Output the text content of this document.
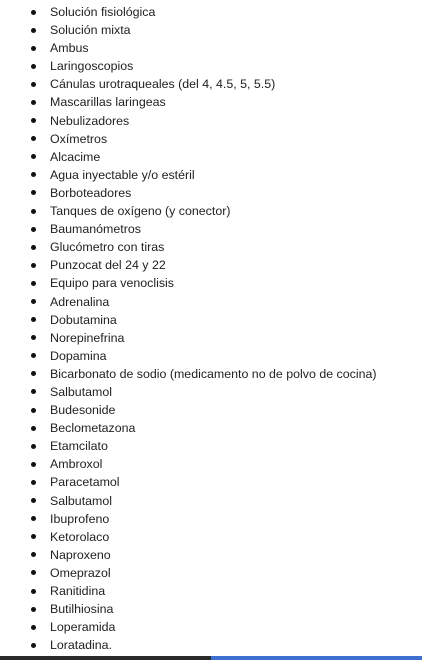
Solución fisiológica
Solución mixta
Ambus
Laringoscopios
Cánulas urotraqueales (del 4, 4.5, 5, 5.5)
Mascarillas laringeas
Nebulizadores
Oxímetros
Alcacime
Agua inyectable y/o estéril
Borboteadores
Tanques de oxígeno (y conector)
Baumanómetros
Glucómetro con tiras
Punzocat del 24 y 22
Equipo para venoclisis
Adrenalina
Dobutamina
Norepinefrina
Dopamina
Bicarbonato de sodio (medicamento no de polvo de cocina)
Salbutamol
Budesonide
Beclometazona
Etamcilato
Ambroxol
Paracetamol
Salbutamol
Ibuprofeno
Ketorolaco
Naproxeno
Omeprazol
Ranitidina
Butilhiosina
Loperamida
Loratadina.
